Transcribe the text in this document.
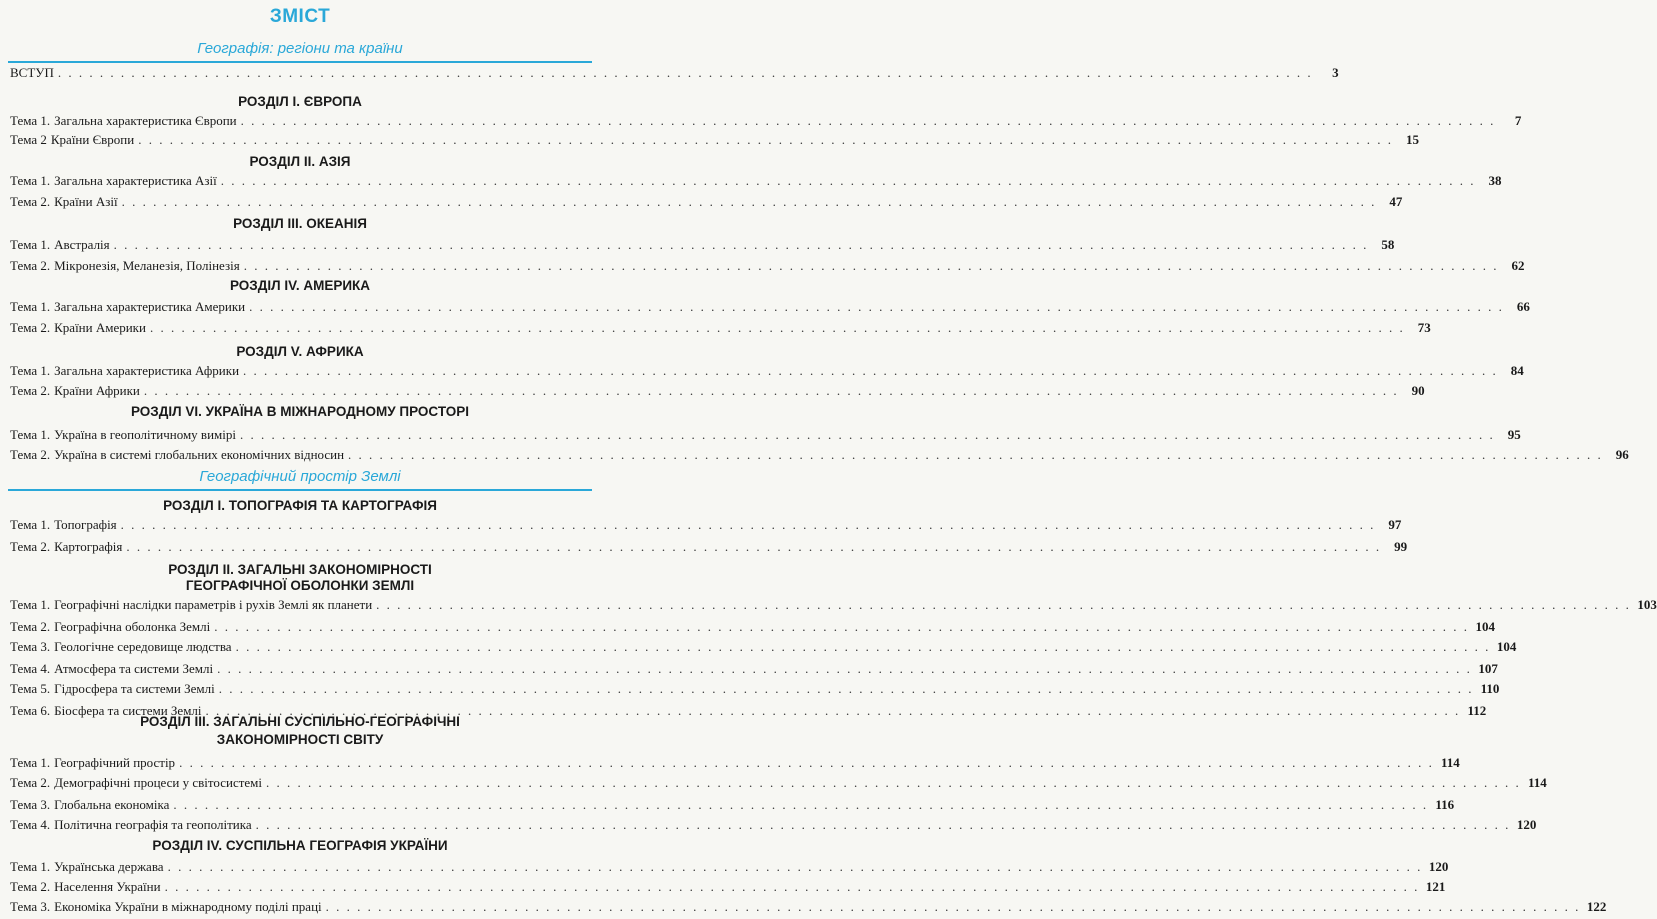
ЗМІСТ
Географія: регіони та країни
ВСТУП . . . . . . . . . . . . . . . . . . . . . . . . . . . . . . . . . . . . . . . . . . . . . . . . . . . . . . . . . . . . . . . . . . . . . . . . . . . . . . . . . . . . . . . . . . . . . . . . . . . . . . . . . . . . . . . . . . . . . . . .	3
РОЗДІЛ І. ЄВРОПА
Тема 1. Загальна характеристика Європи . . . . . . . . . . . . . . . . . . . . . . . . . . . . . . . . . . . . . . . . . . . . . . . . . . . . . . . . . . . . . . . . . . . . . . . . . . . . . . . . . . . . . . . . . . . . . . . . . . . . . . . . . . . . . . . . . . . . . . . .	7
Тема 2 Країни Європи . . . . . . . . . . . . . . . . . . . . . . . . . . . . . . . . . . . . . . . . . . . . . . . . . . . . . . . . . . . . . . . . . . . . . . . . . . . . . . . . . . . . . . . . . . . . . . . . . . . . . . . . . . . . . . . . . . . . . . . .	15
РОЗДІЛ ІІ. АЗІЯ
Тема 1. Загальна характеристика Азії . . . . . . . . . . . . . . . . . . . . . . . . . . . . . . . . . . . . . . . . . . . . . . . . . . . . . . . . . . . . . . . . . . . . . . . . . . . . . . . . . . . . . . . . . . . . . . . . . . . . . . . . . . . . . . . . . . . . . . . .	38
Тема 2. Країни Азії . . . . . . . . . . . . . . . . . . . . . . . . . . . . . . . . . . . . . . . . . . . . . . . . . . . . . . . . . . . . . . . . . . . . . . . . . . . . . . . . . . . . . . . . . . . . . . . . . . . . . . . . . . . . . . . . . . . . . . . .	47
РОЗДІЛ ІІІ. ОКЕАНІЯ
Тема 1. Австралія . . . . . . . . . . . . . . . . . . . . . . . . . . . . . . . . . . . . . . . . . . . . . . . . . . . . . . . . . . . . . . . . . . . . . . . . . . . . . . . . . . . . . . . . . . . . . . . . . . . . . . . . . . . . . . . . . . . . . . . .	58
Тема 2. Мікронезія, Меланезія, Полінезія . . . . . . . . . . . . . . . . . . . . . . . . . . . . . . . . . . . . . . . . . . . . . . . . . . . . . . . . . . . . . . . . . . . . . . . . . . . . . . . . . . . . . . . . . . . . . . . . . . . . . . . . . . . . . . . . . . . . . . . .	62
РОЗДІЛ IV. АМЕРИКА
Тема 1. Загальна характеристика Америки . . . . . . . . . . . . . . . . . . . . . . . . . . . . . . . . . . . . . . . . . . . . . . . . . . . . . . . . . . . . . . . . . . . . . . . . . . . . . . . . . . . . . . . . . . . . . . . . . . . . . . . . . . . . . . . . . . . . . . . .	66
Тема 2. Країни Америки . . . . . . . . . . . . . . . . . . . . . . . . . . . . . . . . . . . . . . . . . . . . . . . . . . . . . . . . . . . . . . . . . . . . . . . . . . . . . . . . . . . . . . . . . . . . . . . . . . . . . . . . . . . . . . . . . . . . . . . .	73
РОЗДІЛ V. АФРИКА
Тема 1. Загальна характеристика Африки . . . . . . . . . . . . . . . . . . . . . . . . . . . . . . . . . . . . . . . . . . . . . . . . . . . . . . . . . . . . . . . . . . . . . . . . . . . . . . . . . . . . . . . . . . . . . . . . . . . . . . . . . . . . . . . . . . . . . . . .	84
Тема 2. Країни Африки . . . . . . . . . . . . . . . . . . . . . . . . . . . . . . . . . . . . . . . . . . . . . . . . . . . . . . . . . . . . . . . . . . . . . . . . . . . . . . . . . . . . . . . . . . . . . . . . . . . . . . . . . . . . . . . . . . . . . . . .	90
РОЗДІЛ VI. УКРАЇНА В МІЖНАРОДНОМУ ПРОСТОРІ
Тема 1. Україна в геополітичному вимірі . . . . . . . . . . . . . . . . . . . . . . . . . . . . . . . . . . . . . . . . . . . . . . . . . . . . . . . . . . . . . . . . . . . . . . . . . . . . . . . . . . . . . . . . . . . . . . . . . . . . . . . . . . . . . . . . . . . . . . . .	95
Тема 2. Україна в системі глобальних економічних відносин . . . . . . . . . . . . . . . . . . . . . . . . . . . . . . . . . . . . . . . . . . . . . . . . . . . . . . . . . . . . . . . . . . . . . . . . . . . . . . . . . . . . . . . . . . . . . . . . . . . . . . . . . . . . . . . . . . . . . . . .	96
Географічний простір Землі
РОЗДІЛ І. ТОПОГРАФІЯ ТА КАРТОГРАФІЯ
Тема 1. Топографія . . . . . . . . . . . . . . . . . . . . . . . . . . . . . . . . . . . . . . . . . . . . . . . . . . . . . . . . . . . . . . . . . . . . . . . . . . . . . . . . . . . . . . . . . . . . . . . . . . . . . . . . . . . . . . . . . . . . . . . .	97
Тема 2. Картографія . . . . . . . . . . . . . . . . . . . . . . . . . . . . . . . . . . . . . . . . . . . . . . . . . . . . . . . . . . . . . . . . . . . . . . . . . . . . . . . . . . . . . . . . . . . . . . . . . . . . . . . . . . . . . . . . . . . . . . . .	99
РОЗДІЛ ІІ. ЗАГАЛЬНІ ЗАКОНОМІРНОСТІ
ГЕОГРАФІЧНОЇ ОБОЛОНКИ ЗЕМЛІ
Тема 1. Географічні наслідки параметрів і рухів Землі як планети . . . . . . . . . . . . . . . . . . . . . . . . . . . . . . . . . . . . . . . . . . . . . . . . . . . . . . . . . . . . . . . . . . . . . . . . . . . . . . . . . . . . . . . . . . . . . . . . . . . . . . . . . . . . . . . . . . . . . . . . 103
Тема 2. Географічна оболонка Землі . . . . . . . . . . . . . . . . . . . . . . . . . . . . . . . . . . . . . . . . . . . . . . . . . . . . . . . . . . . . . . . . . . . . . . . . . . . . . . . . . . . . . . . . . . . . . . . . . . . . . . . . . . . . . . . . . . . . . . . . 104
Тема 3. Геологічне середовище людства . . . . . . . . . . . . . . . . . . . . . . . . . . . . . . . . . . . . . . . . . . . . . . . . . . . . . . . . . . . . . . . . . . . . . . . . . . . . . . . . . . . . . . . . . . . . . . . . . . . . . . . . . . . . . . . . . . . . . . . . 104
Тема 4. Атмосфера та системи Землі . . . . . . . . . . . . . . . . . . . . . . . . . . . . . . . . . . . . . . . . . . . . . . . . . . . . . . . . . . . . . . . . . . . . . . . . . . . . . . . . . . . . . . . . . . . . . . . . . . . . . . . . . . . . . . . . . . . . . . . . 107
Тема 5. Гідросфера та системи Землі . . . . . . . . . . . . . . . . . . . . . . . . . . . . . . . . . . . . . . . . . . . . . . . . . . . . . . . . . . . . . . . . . . . . . . . . . . . . . . . . . . . . . . . . . . . . . . . . . . . . . . . . . . . . . . . . . . . . . . . . 110
Тема 6. Біосфера та системи Землі . . . . . . . . . . . . . . . . . . . . . . . . . . . . . . . . . . . . . . . . . . . . . . . . . . . . . . . . . . . . . . . . . . . . . . . . . . . . . . . . . . . . . . . . . . . . . . . . . . . . . . . . . . . . . . . . . . . . . . . . 112
РОЗДІЛ ІІІ. ЗАГАЛЬНІ СУСПІЛЬНО-ГЕОГРАФІЧНІ
ЗАКОНОМІРНОСТІ СВІТУ
Тема 1. Географічний простір . . . . . . . . . . . . . . . . . . . . . . . . . . . . . . . . . . . . . . . . . . . . . . . . . . . . . . . . . . . . . . . . . . . . . . . . . . . . . . . . . . . . . . . . . . . . . . . . . . . . . . . . . . . . . . . . . . . . . . . . 114
Тема 2. Демографічні процеси у світосистемі . . . . . . . . . . . . . . . . . . . . . . . . . . . . . . . . . . . . . . . . . . . . . . . . . . . . . . . . . . . . . . . . . . . . . . . . . . . . . . . . . . . . . . . . . . . . . . . . . . . . . . . . . . . . . . . . . . . . . . . . 114
Тема 3. Глобальна економіка . . . . . . . . . . . . . . . . . . . . . . . . . . . . . . . . . . . . . . . . . . . . . . . . . . . . . . . . . . . . . . . . . . . . . . . . . . . . . . . . . . . . . . . . . . . . . . . . . . . . . . . . . . . . . . . . . . . . . . . . 116
Тема 4. Політична географія та геополітика . . . . . . . . . . . . . . . . . . . . . . . . . . . . . . . . . . . . . . . . . . . . . . . . . . . . . . . . . . . . . . . . . . . . . . . . . . . . . . . . . . . . . . . . . . . . . . . . . . . . . . . . . . . . . . . . . . . . . . . . 120
РОЗДІЛ IV. СУСПІЛЬНА ГЕОГРАФІЯ УКРАЇНИ
Тема 1. Українська держава . . . . . . . . . . . . . . . . . . . . . . . . . . . . . . . . . . . . . . . . . . . . . . . . . . . . . . . . . . . . . . . . . . . . . . . . . . . . . . . . . . . . . . . . . . . . . . . . . . . . . . . . . . . . . . . . . . . . . . . . 120
Тема 2. Населення України . . . . . . . . . . . . . . . . . . . . . . . . . . . . . . . . . . . . . . . . . . . . . . . . . . . . . . . . . . . . . . . . . . . . . . . . . . . . . . . . . . . . . . . . . . . . . . . . . . . . . . . . . . . . . . . . . . . . . . . . 121
Тема 3. Економіка України в міжнародному поділі праці . . . . . . . . . . . . . . . . . . . . . . . . . . . . . . . . . . . . . . . . . . . . . . . . . . . . . . . . . . . . . . . . . . . . . . . . . . . . . . . . . . . . . . . . . . . . . . . . . . . . . . . . . . . . . . . . . . . . . . . . 122
